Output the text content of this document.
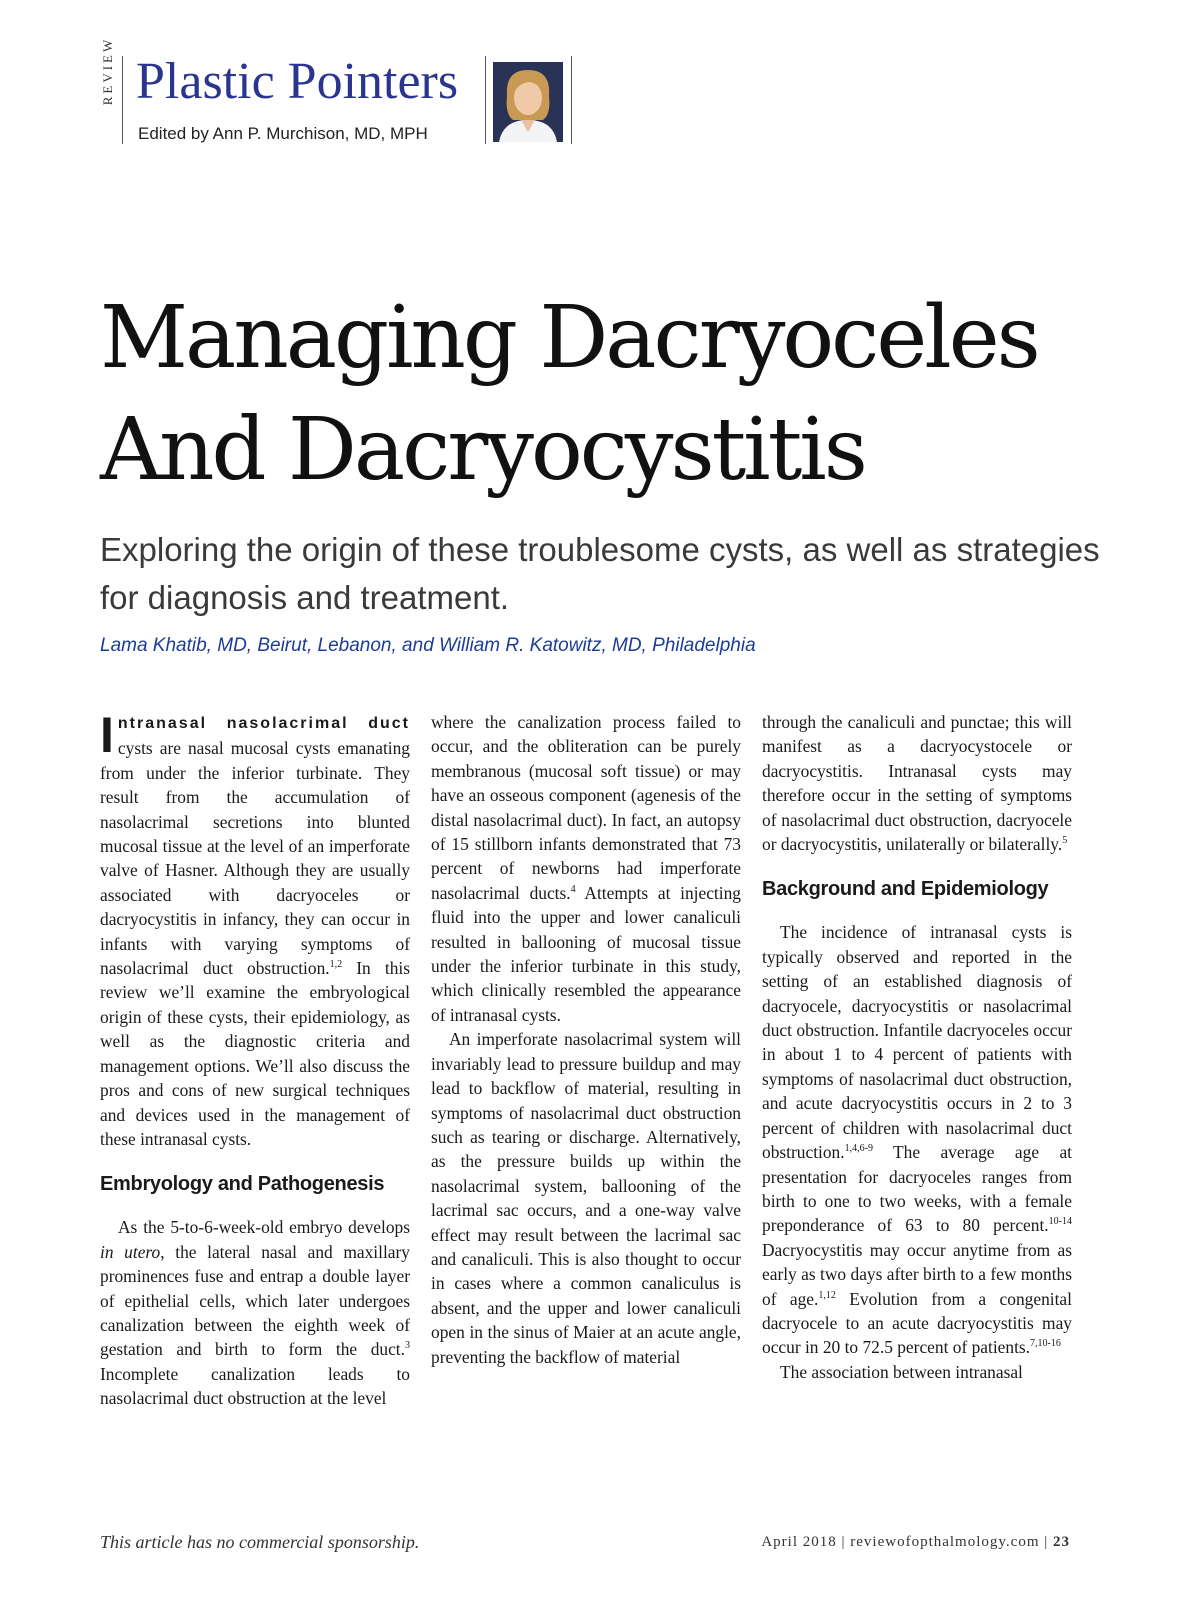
REVIEW Plastic Pointers
Edited by Ann P. Murchison, MD, MPH
Managing Dacryoceles
And Dacryocystitis
Exploring the origin of these troublesome cysts, as well as strategies for diagnosis and treatment.
Lama Khatib, MD, Beirut, Lebanon, and William R. Katowitz, MD, Philadelphia

Intranasal nasolacrimal duct cysts are nasal mucosal cysts emanating from under the inferior turbinate. They result from the accumulation of nasolacrimal secretions into blunted mucosal tissue at the level of an imperforate valve of Hasner. Although they are usually associated with dacryoceles or dacryocystitis in infancy, they can occur in infants with varying symptoms of nasolacrimal duct obstruction.$^{1,2}$ In this review we’ll examine the embryological origin of these cysts, their epidemiology, as well as the diagnostic criteria and management options. We’ll also discuss the pros and cons of new surgical techniques and devices used in the management of these intranasal cysts.

Embryology and Pathogenesis

As the 5-to-6-week-old embryo develops in utero, the lateral nasal and maxillary prominences fuse and entrap a double layer of epithelial cells, which later undergoes canalization between the eighth week of gestation and birth to form the duct.$^3$ Incomplete canalization leads to nasolacrimal duct obstruction at the level

where the canalization process failed to occur, and the obliteration can be purely membranous (mucosal soft tissue) or may have an osseous component (agenesis of the distal nasolacrimal duct). In fact, an autopsy of 15 stillborn infants demonstrated that 73 percent of newborns had imperforate nasolacrimal ducts.$^4$ Attempts at injecting fluid into the upper and lower canaliculi resulted in ballooning of mucosal tissue under the inferior turbinate in this study, which clinically resembled the appearance of intranasal cysts.

An imperforate nasolacrimal system will invariably lead to pressure buildup and may lead to backflow of material, resulting in symptoms of nasolacrimal duct obstruction such as tearing or discharge. Alternatively, as the pressure builds up within the nasolacrimal system, ballooning of the lacrimal sac occurs, and a one-way valve effect may result between the lacrimal sac and canaliculi. This is also thought to occur in cases where a common canaliculus is absent, and the upper and lower canaliculi open in the sinus of Maier at an acute angle, preventing the backflow of material

through the canaliculi and punctae; this will manifest as a dacryocystocele or dacryocystitis. Intranasal cysts may therefore occur in the setting of symptoms of nasolacrimal duct obstruction, dacryocele or dacryocystitis, unilaterally or bilaterally.$^5$

Background and Epidemiology

The incidence of intranasal cysts is typically observed and reported in the setting of an established diagnosis of dacryocele, dacryocystitis or nasolacrimal duct obstruction. Infantile dacryoceles occur in about 1 to 4 percent of patients with symptoms of nasolacrimal duct obstruction, and acute dacryocystitis occurs in 2 to 3 percent of children with nasolacrimal duct obstruction.$^{1,4,6-9}$ The average age at presentation for dacryoceles ranges from birth to one to two weeks, with a female preponderance of 63 to 80 percent.$^{10-14}$ Dacryocystitis may occur anytime from as early as two days after birth to a few months of age.$^{1,12}$ Evolution from a congenital dacryocele to an acute dacryocystitis may occur in 20 to 72.5 percent of patients.$^{7,10-16}$

The association between intranasal

This article has no commercial sponsorship.	April 2018 | reviewofopthalmology.com | 23
